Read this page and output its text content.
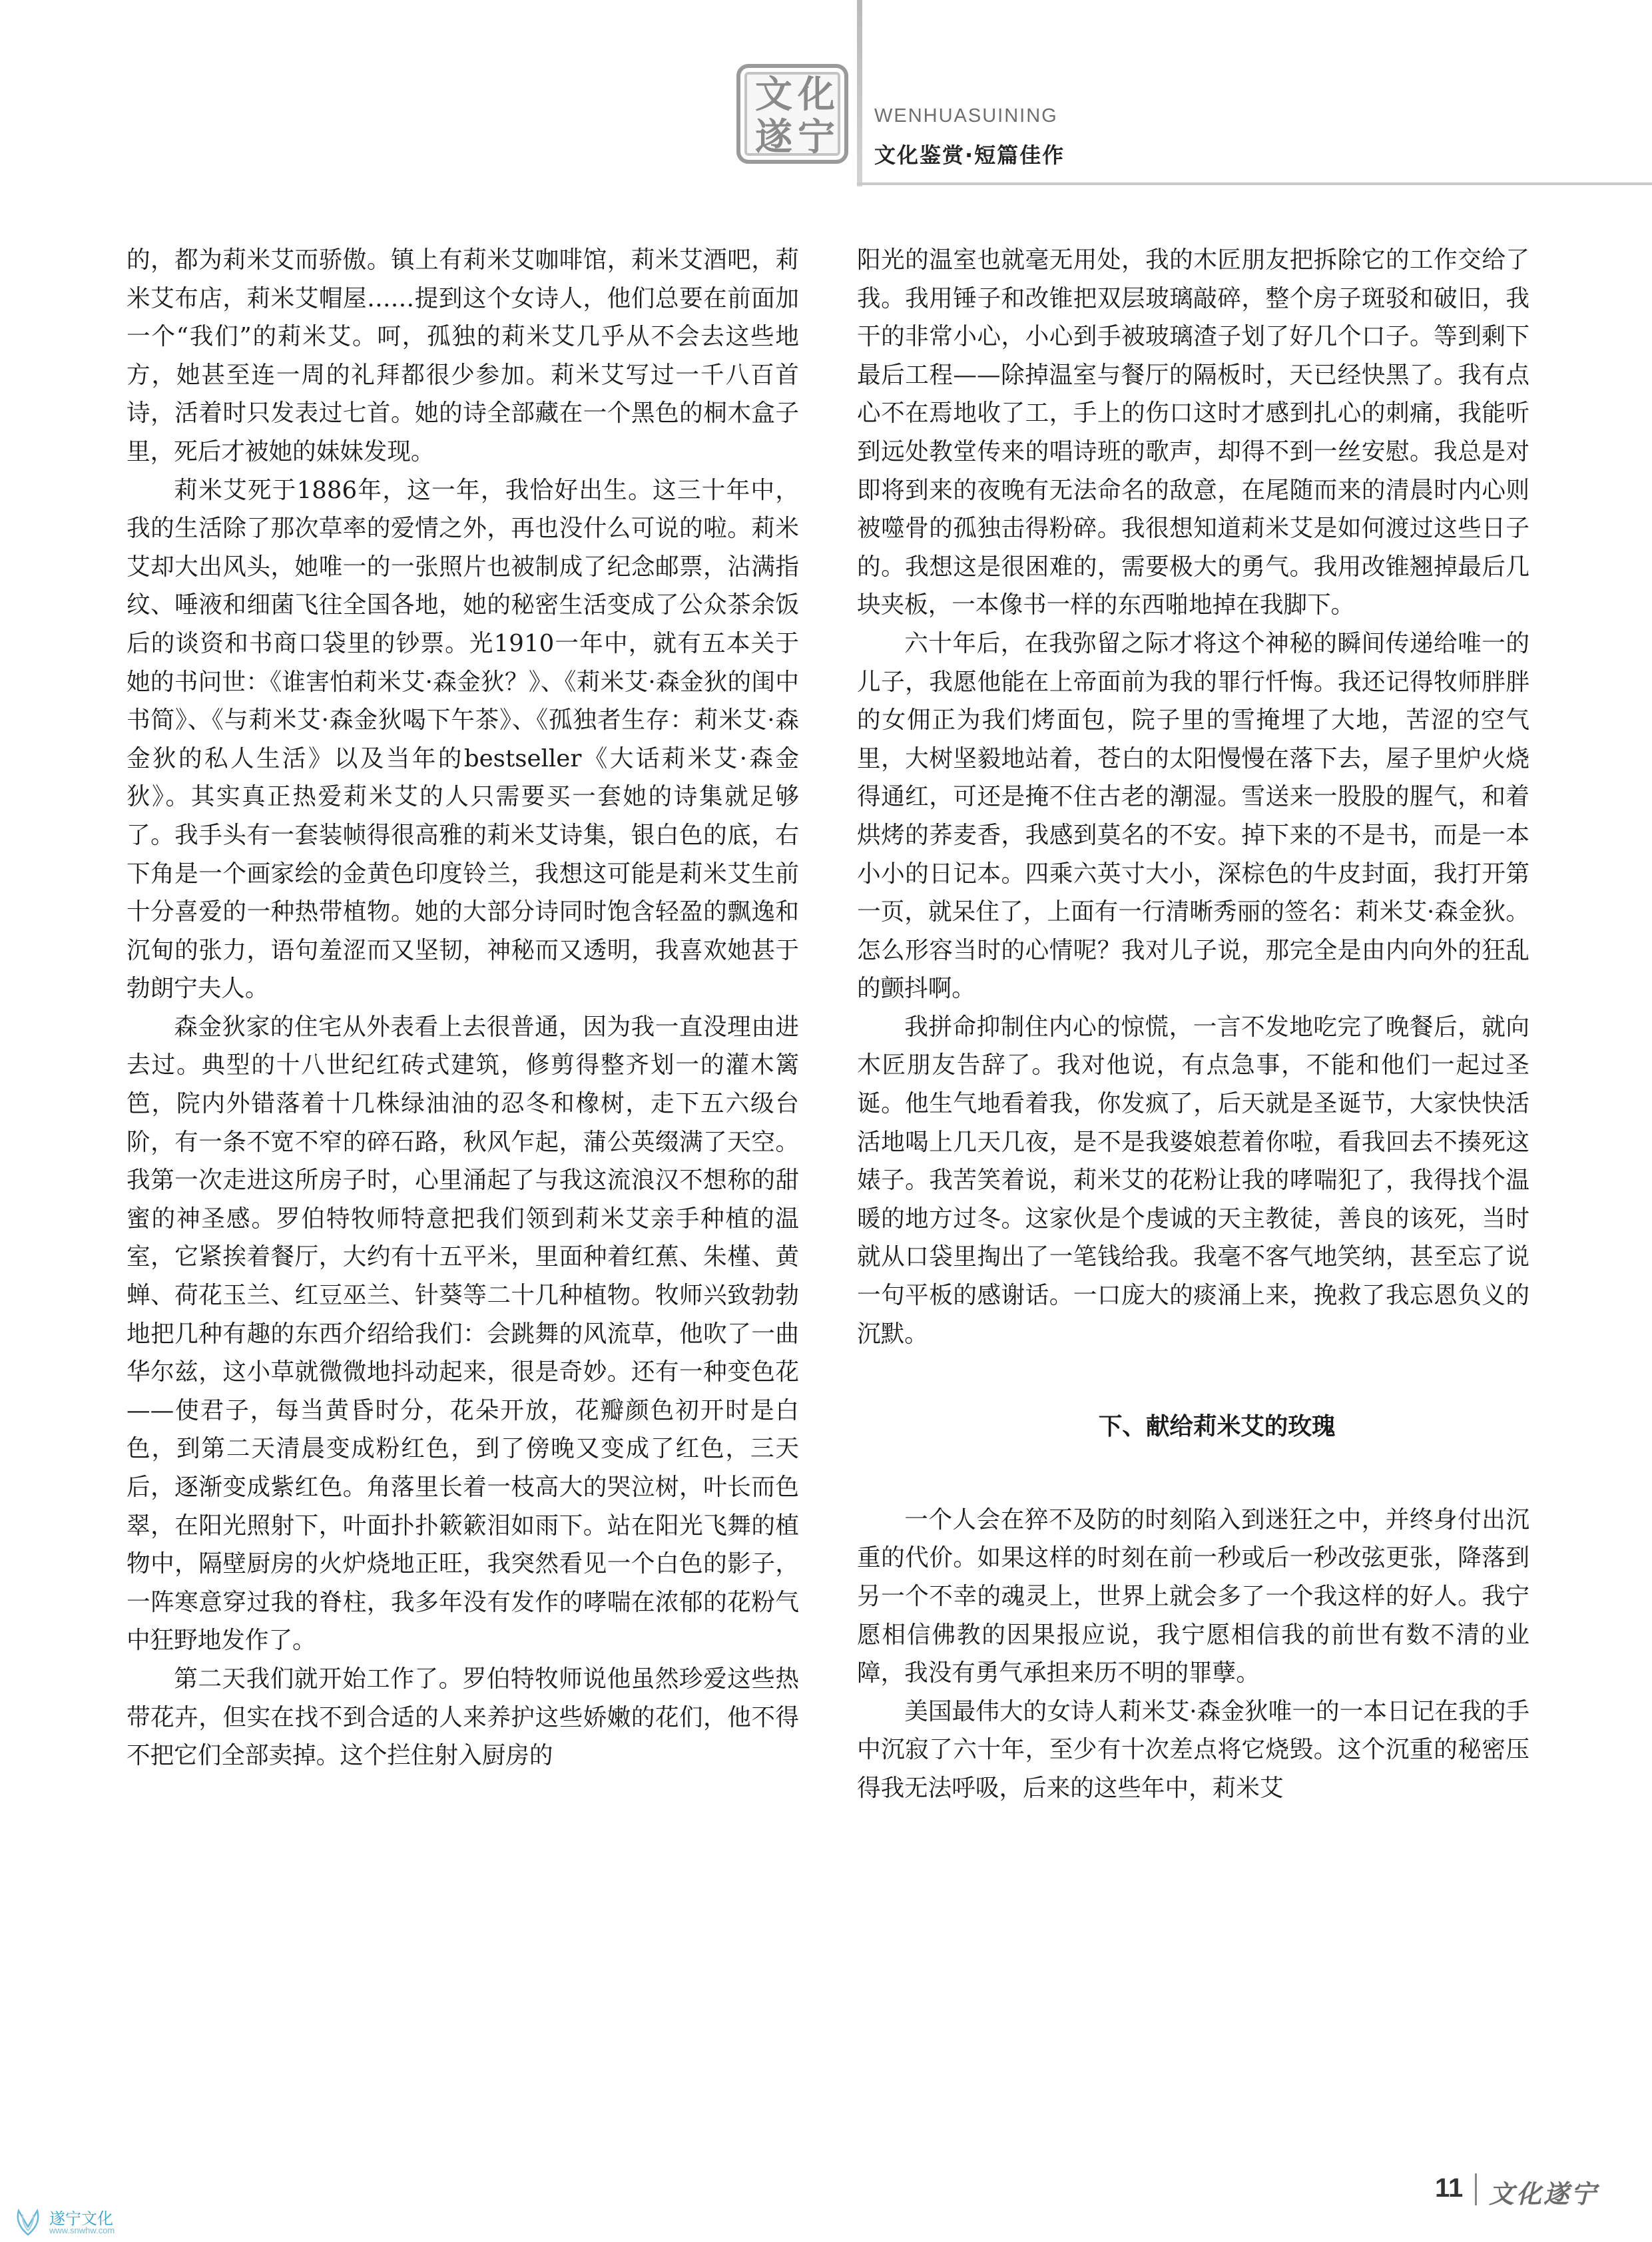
文 化
遂 宁 WENHUASUINING
文化鉴赏·短篇佳作

的，都为莉米艾而骄傲。镇上有莉米艾咖啡馆，莉米艾酒吧，莉米艾布店，莉米艾帽屋……提到这个女诗人，他们总要在前面加一个“我们”的莉米艾。呵，孤独的莉米艾几乎从不会去这些地方，她甚至连一周的礼拜都很少参加。莉米艾写过一千八百首诗，活着时只发表过七首。她的诗全部藏在一个黑色的桐木盒子里，死后才被她的妹妹发现。

莉米艾死于1886年，这一年，我恰好出生。这三十年中，我的生活除了那次草率的爱情之外，再也没什么可说的啦。莉米艾却大出风头，她唯一的一张照片也被制成了纪念邮票，沾满指纹、唾液和细菌飞往全国各地，她的秘密生活变成了公众茶余饭后的谈资和书商口袋里的钞票。光1910一年中，就有五本关于她的书问世：《谁害怕莉米艾·森金狄？》、《莉米艾·森金狄的闺中书简》、《与莉米艾·森金狄喝下午茶》、《孤独者生存：莉米艾·森金狄的私人生活》以及当年的bestseller《大话莉米艾·森金狄》。其实真正热爱莉米艾的人只需要买一套她的诗集就足够了。我手头有一套装帧得很高雅的莉米艾诗集，银白色的底，右下角是一个画家绘的金黄色印度铃兰，我想这可能是莉米艾生前十分喜爱的一种热带植物。她的大部分诗同时饱含轻盈的飘逸和沉甸的张力，语句羞涩而又坚韧，神秘而又透明，我喜欢她甚于勃朗宁夫人。

森金狄家的住宅从外表看上去很普通，因为我一直没理由进去过。典型的十八世纪红砖式建筑，修剪得整齐划一的灌木篱笆，院内外错落着十几株绿油油的忍冬和橡树，走下五六级台阶，有一条不宽不窄的碎石路，秋风乍起，蒲公英缀满了天空。我第一次走进这所房子时，心里涌起了与我这流浪汉不想称的甜蜜的神圣感。罗伯特牧师特意把我们领到莉米艾亲手种植的温室，它紧挨着餐厅，大约有十五平米，里面种着红蕉、朱槿、黄蝉、荷花玉兰、红豆巫兰、针葵等二十几种植物。牧师兴致勃勃地把几种有趣的东西介绍给我们：会跳舞的风流草，他吹了一曲华尔兹，这小草就微微地抖动起来，很是奇妙。还有一种变色花——使君子，每当黄昏时分，花朵开放，花瓣颜色初开时是白色，到第二天清晨变成粉红色，到了傍晚又变成了红色，三天后，逐渐变成紫红色。角落里长着一枝高大的哭泣树，叶长而色翠，在阳光照射下，叶面扑扑簌簌泪如雨下。站在阳光飞舞的植物中，隔壁厨房的火炉烧地正旺，我突然看见一个白色的影子， 一阵寒意穿过我的脊柱，我多年没有发作的哮喘在浓郁的花粉气中狂野地发作了。

第二天我们就开始工作了。罗伯特牧师说他虽然珍爱这些热带花卉，但实在找不到合适的人来养护这些娇嫩的花们，他不得不把它们全部卖掉。这个拦住射入厨房的

阳光的温室也就毫无用处，我的木匠朋友把拆除它的工作交给了我。我用锤子和改锥把双层玻璃敲碎，整个房子斑驳和破旧，我干的非常小心，小心到手被玻璃渣子划了好几个口子。等到剩下最后工程——除掉温室与餐厅的隔板时，天已经快黑了。我有点心不在焉地收了工，手上的伤口这时才感到扎心的刺痛，我能听到远处教堂传来的唱诗班的歌声，却得不到一丝安慰。我总是对即将到来的夜晚有无法命名的敌意，在尾随而来的清晨时内心则被噬骨的孤独击得粉碎。我很想知道莉米艾是如何渡过这些日子的。我想这是很困难的，需要极大的勇气。我用改锥翘掉最后几块夹板，一本像书一样的东西啪地掉在我脚下。

六十年后，在我弥留之际才将这个神秘的瞬间传递给唯一的儿子，我愿他能在上帝面前为我的罪行忏悔。我还记得牧师胖胖的女佣正为我们烤面包，院子里的雪掩埋了大地，苦涩的空气里，大树坚毅地站着，苍白的太阳慢慢在落下去，屋子里炉火烧得通红，可还是掩不住古老的潮湿。雪送来一股股的腥气，和着烘烤的荞麦香，我感到莫名的不安。掉下来的不是书，而是一本小小的日记本。四乘六英寸大小，深棕色的牛皮封面，我打开第一页，就呆住了，上面有一行清晰秀丽的签名：莉米艾·森金狄。怎么形容当时的心情呢？我对儿子说，那完全是由内向外的狂乱的颤抖啊。

我拼命抑制住内心的惊慌，一言不发地吃完了晚餐后，就向木匠朋友告辞了。我对他说，有点急事，不能和他们一起过圣诞。他生气地看着我，你发疯了，后天就是圣诞节，大家快快活活地喝上几天几夜，是不是我婆娘惹着你啦，看我回去不揍死这婊子。我苦笑着说，莉米艾的花粉让我的哮喘犯了，我得找个温暖的地方过冬。这家伙是个虔诚的天主教徒，善良的该死，当时就从口袋里掏出了一笔钱给我。我毫不客气地笑纳，甚至忘了说一句平板的感谢话。一口庞大的痰涌上来，挽救了我忘恩负义的沉默。

下、献给莉米艾的玫瑰

一个人会在猝不及防的时刻陷入到迷狂之中，并终身付出沉重的代价。如果这样的时刻在前一秒或后一秒改弦更张，降落到另一个不幸的魂灵上，世界上就会多了一个我这样的好人。我宁愿相信佛教的因果报应说，我宁愿相信我的前世有数不清的业障，我没有勇气承担来历不明的罪孽。

美国最伟大的女诗人莉米艾·森金狄唯一的一本日记在我的手中沉寂了六十年，至少有十次差点将它烧毁。这个沉重的秘密压得我无法呼吸，后来的这些年中，莉米艾

11 文化遂宁
遂宁文化
www.snwhw.com
